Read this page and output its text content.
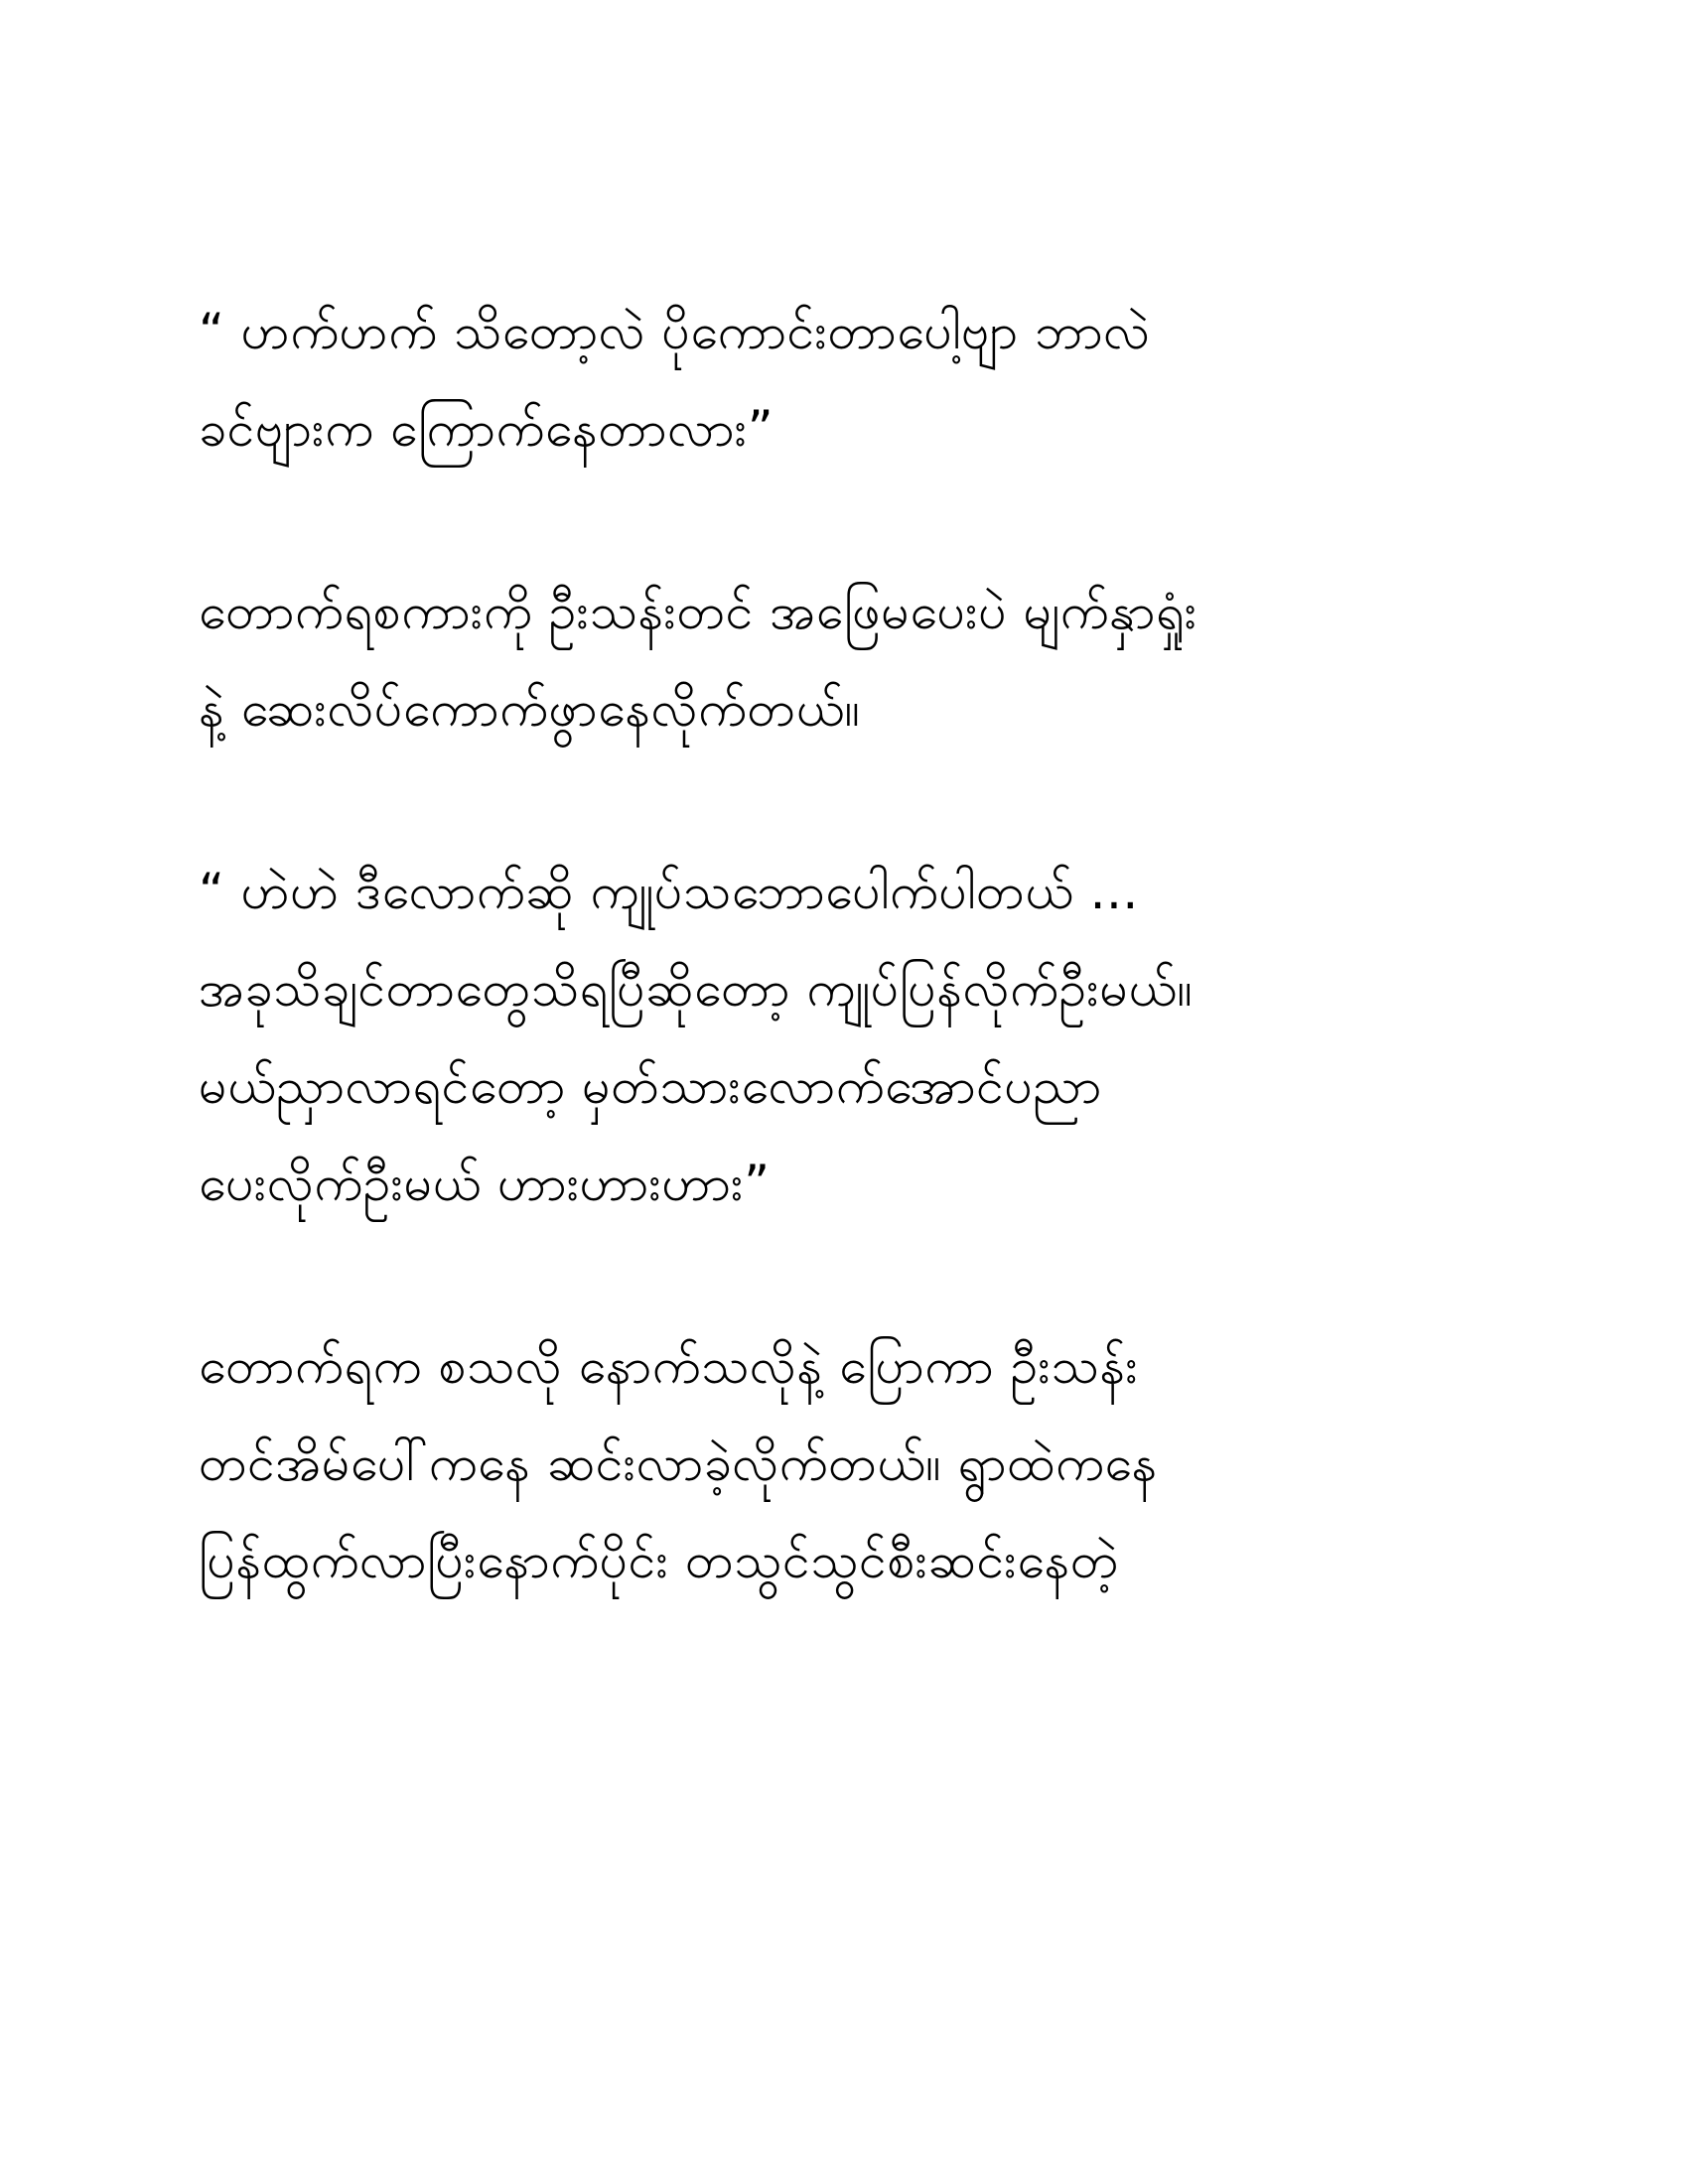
“ ဟက်ဟက် သိတော့လဲ ပိုကောင်းတာပေါ့ဗျာ ဘာလဲ
ခင်ဗျားက ကြောက်နေတာလား”
တောက်ရစကားကို ဦးသန်းတင် အဖြေမပေးပဲ မျက်နှာရှုံး
နဲ့ ဆေးလိပ်ကောက်ဖွာနေလိုက်တယ်။
“ ဟဲဟဲ ဒီလောက်ဆို ကျုပ်သဘောပေါက်ပါတယ် ...
အခုသိချင်တာတွေသိရပြီဆိုတော့ ကျုပ်ပြန်လိုက်ဦးမယ်။
မယ်ညှာလာရင်တော့ မှတ်သားလောက်အောင်ပညာ
ပေးလိုက်ဦးမယ် ဟားဟားဟား”
တောက်ရက စသလို နောက်သလိုနဲ့ ပြောကာ ဦးသန်း
တင်အိမ်ပေါ်ကနေ ဆင်းလာခဲ့လိုက်တယ်။ ရွာထဲကနေ
ပြန်ထွက်လာပြီးနောက်ပိုင်း တသွင်သွင်စီးဆင်းနေတဲ့
